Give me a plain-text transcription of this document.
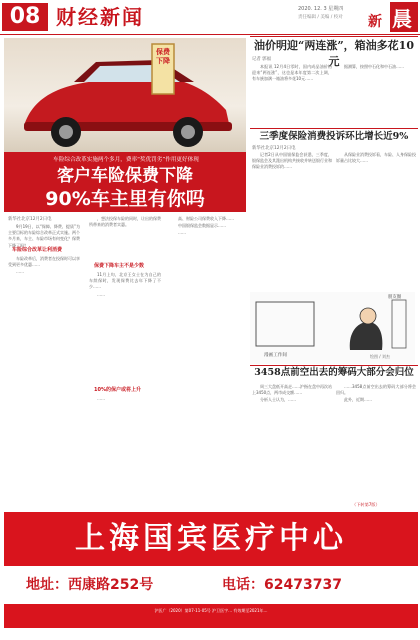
08 财经新闻	2020. 12. 3 星期四
责任编辑 / 美编 / 校对 新 晨
保费下降
车险综合改革实施两个多月，费率“奖优罚劣”作用更好体现
客户车险保费下降
90%车主里有你吗
新华社北京12月2日电

9月19日，以“保障、降费、提质”为主要目标的车险综合改革正式实施。两个多月来，车主、车险市场有何变化？保费下降了吗？

车险综合改革让利消费

车险改革后，消费者在投保时可以享受到更多优惠……

……

，想法投保车险的同时，让出的保费所带来的消费者实惠。

保费下降车主不是少数

11月上旬，北京王女士在为自己的车续保时，发现保费比去年下降了不少……

……

10%的保户或将上升

……

高、财险公司保费收入下降……

中国银保监会数据显示……

……

油价明迎“两连涨”，箱油多花10元
记者 郭福

本报讯 12月4日零时，国内成品油价格迎来“两连涨”，这也是本年度第二次上调，有车族加满一箱油将多花10元……

据测算，按照中石化和中石油……

三季度保险消费投诉环比增长近9%
新华社北京12月2日电

记者2日从中国银保监会获悉，三季度，银保监会及其派出机构共接收并转送银行业和保险业消费投诉约……

从保险业消费投诉看，车险、人身保险投诉量占比较大……

漫画工作间
朋友圈
绘图 / 刘杰
3458点前空出去的筹码大部分会归位

周三大盘低开高走……沪指在盘中再次站上3450点，两市成交额……

分析人士认为，……

……3458点前空出去的筹码大部分将会回归。

此外，近期……

（下转第7版）
上海国宾医疗中心
地址：西康路252号	电话：62473737
沪医广（2020）第07-11-05号 沪卫医字… 有效期至2021年…
